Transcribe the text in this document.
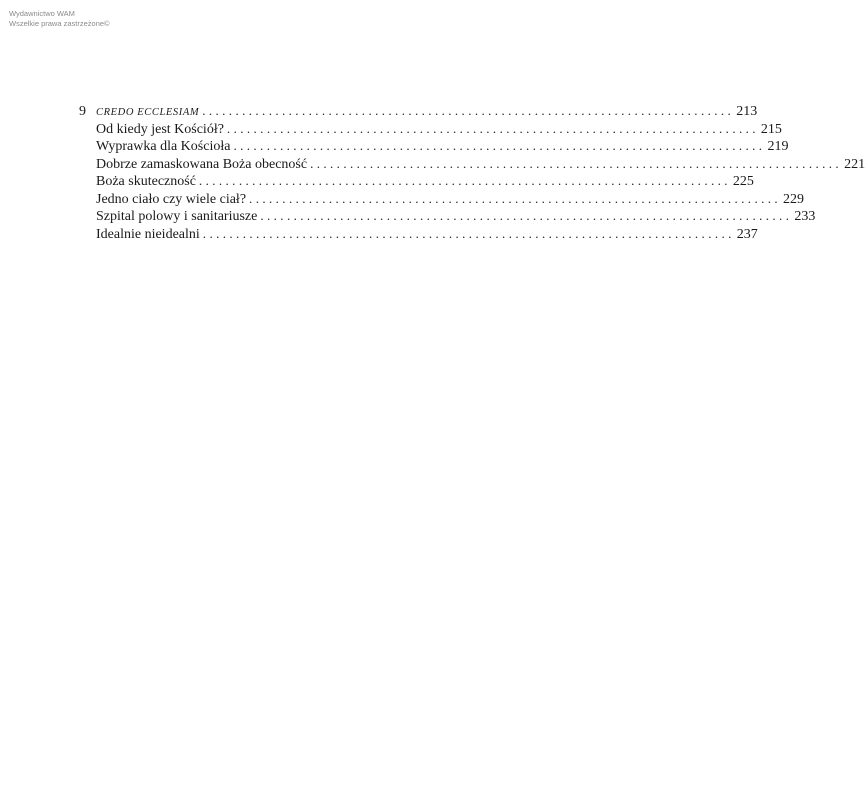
Wydawnictwo WAM
Wszelkie prawa zastrzeżone©
9 CREDO ECCLESIAM ................................................................................ 213
Od kiedy jest Kościół? ................................................................................ 215
Wyprawka dla Kościoła ................................................................................ 219
Dobrze zamaskowana Boża obecność ................................................................................ 221
Boża skuteczność ................................................................................ 225
Jedno ciało czy wiele ciał? ................................................................................ 229
Szpital polowy i sanitariusze ................................................................................ 233
Idealnie nieidealni ................................................................................ 237
